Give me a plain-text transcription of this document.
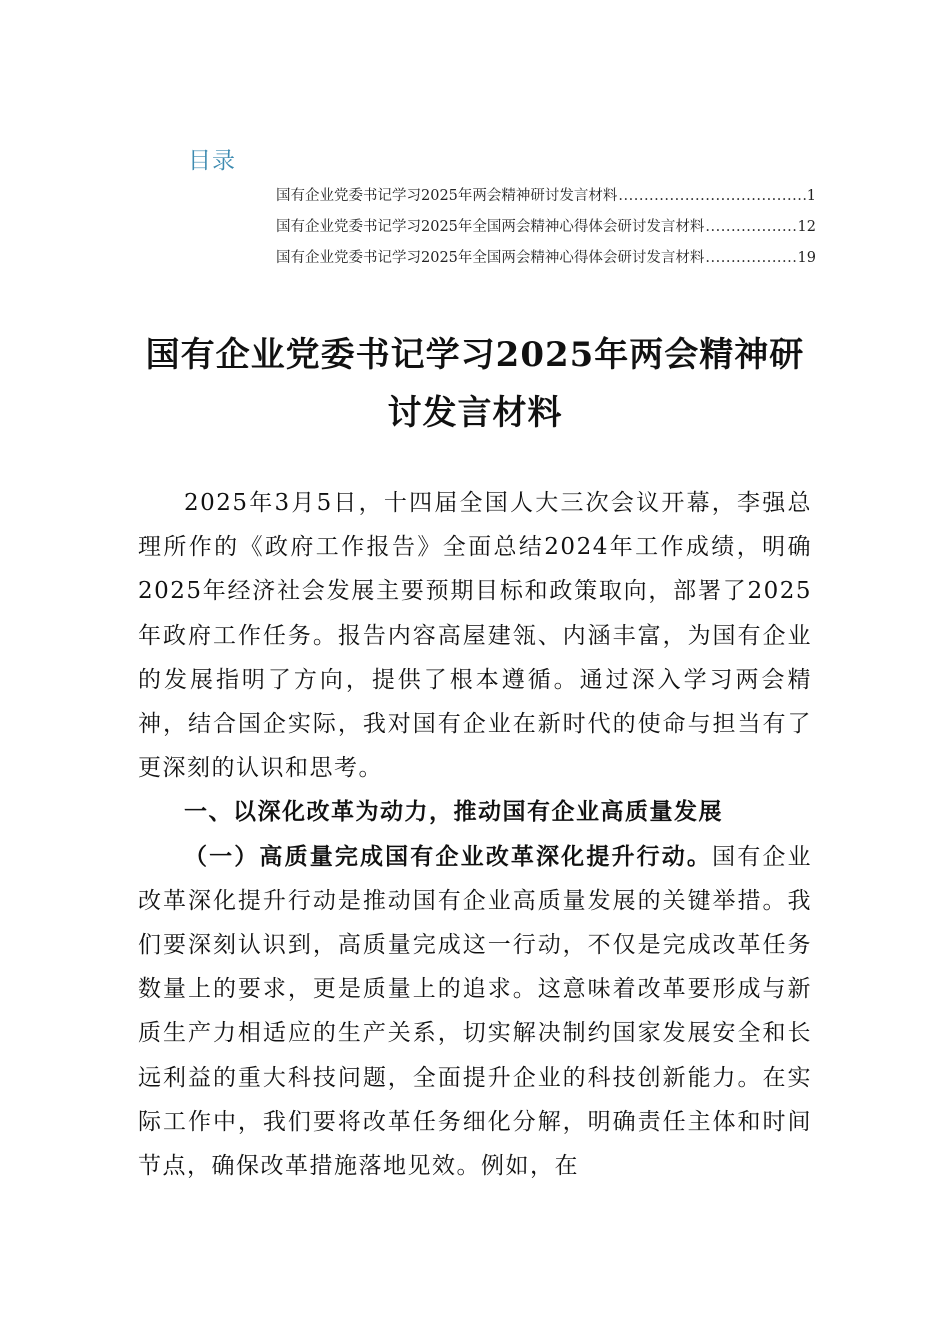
目录
国有企业党委书记学习2025年两会精神研讨发言材料 .....	1
国有企业党委书记学习2025年全国两会精神心得体会研讨发言材料 .....	12
国有企业党委书记学习2025年全国两会精神心得体会研讨发言材料 .....	19
国有企业党委书记学习2025年两会精神研
讨发言材料

2025年3月5日，十四届全国人大三次会议开幕，李强总理所作的《政府工作报告》全面总结2024年工作成绩，明确2025年经济社会发展主要预期目标和政策取向，部署了2025年政府工作任务。报告内容高屋建瓴、内涵丰富，为国有企业的发展指明了方向，提供了根本遵循。通过深入学习两会精神，结合国企实际，我对国有企业在新时代的使命与担当有了更深刻的认识和思考。

一、以深化改革为动力，推动国有企业高质量发展

（一）高质量完成国有企业改革深化提升行动。国有企业改革深化提升行动是推动国有企业高质量发展的关键举措。我们要深刻认识到，高质量完成这一行动，不仅是完成改革任务数量上的要求，更是质量上的追求。这意味着改革要形成与新质生产力相适应的生产关系，切实解决制约国家发展安全和长远利益的重大科技问题，全面提升企业的科技创新能力。在实际工作中，我们要将改革任务细化分解，明确责任主体和时间节点，确保改革措施落地见效。例如，在
